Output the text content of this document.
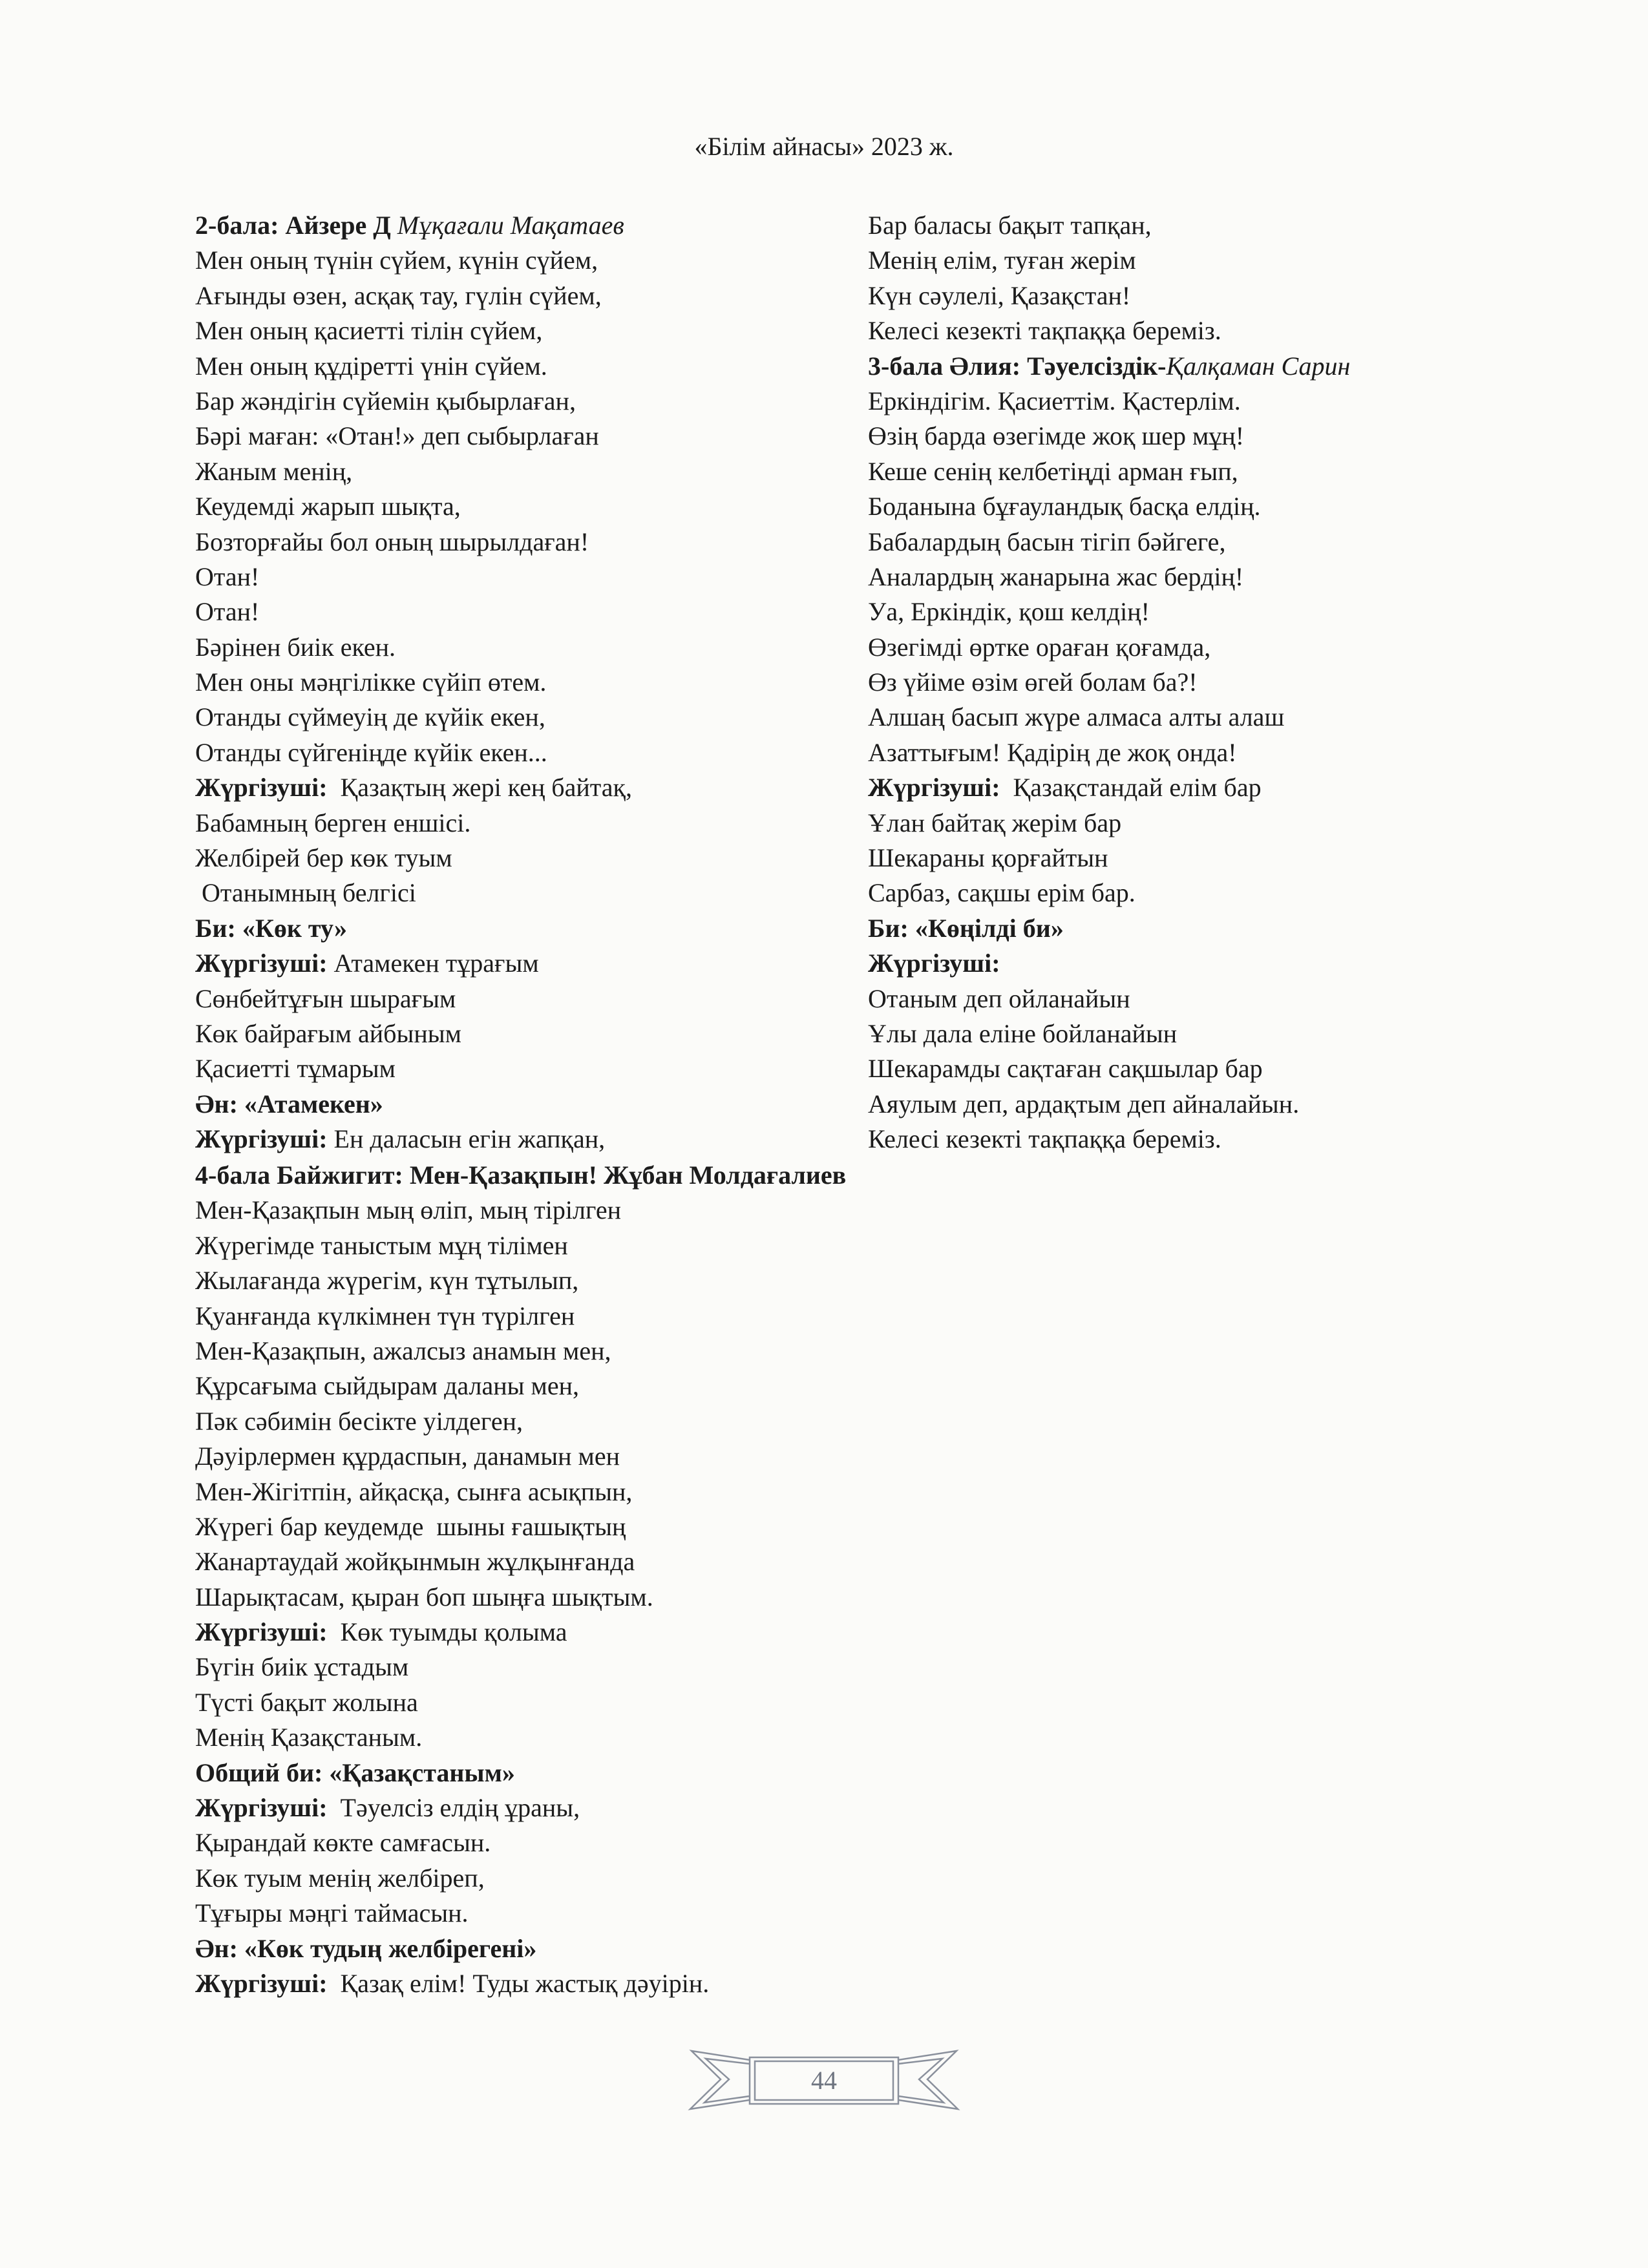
«Білім айнасы» 2023 ж.
2-бала: Айзере Д Мұқағали Мақатаев
Мен оның түнін сүйем, күнін сүйем,
Ағынды өзен, асқақ тау, гүлін сүйем,
Мен оның қасиетті тілін сүйем,
Мен оның құдіретті үнін сүйем.
Бар жәндігін сүйемін қыбырлаған,
Бәрі маған: «Отан!» деп сыбырлаған
Жаным менің,
Кеудемді жарып шықта,
Бозторғайы бол оның шырылдаған!
Отан!
Отан!
Бәрінен биік екен.
Мен оны мәңгілікке сүйіп өтем.
Отанды сүймеуің де күйік екен,
Отанды сүйгеніңде күйік екен...
Жүргізуші:  Қазақтың жері кең байтақ,
Бабамның берген еншісі.
Желбірей бер көк туым
Отанымның белгісі
Би: «Көк ту»
Жүргізуші: Атамекен тұрағым
Сөнбейтұғын шырағым
Көк байрағым айбыным
Қасиетті тұмарым
Ән: «Атамекен»
Жүргізуші: Ен даласын егін жапқан,
Бар баласы бақыт тапқан,
Менің елім, туған жерім
Күн сәулелі, Қазақстан!
Келесі кезекті тақпаққа береміз.
3-бала Әлия: Тәуелсіздік-Қалқаман Сарин
Еркіндігім. Қасиеттім. Қастерлім.
Өзің барда өзегімде жоқ шер мұң!
Кеше сенің келбетіңді арман ғып,
Боданына бұғауландық басқа елдің.
Бабалардың басын тігіп бәйгеге,
Аналардың жанарына жас бердің!
Уа, Еркіндік, қош келдің!
Өзегімді өртке ораған қоғамда,
Өз үйіме өзім өгей болам ба?!
Алшаң басып жүре алмаса алты алаш
Азаттығым! Қадірің де жоқ онда!
Жүргізуші:  Қазақстандай елім бар
Ұлан байтақ жерім бар
Шекараны қорғайтын
Сарбаз, сақшы ерім бар.
Би: «Көңілді би»
Жүргізуші:
Отаным деп ойланайын
Ұлы дала еліне бойланайын
Шекарамды сақтаған сақшылар бар
Аяулым деп, ардақтым деп айналайын.
Келесі кезекті тақпаққа береміз.
4-бала Байжигит: Мен-Қазақпын! Жұбан Молдағалиев
Мен-Қазақпын мың өліп, мың тірілген
Жүрегімде таныстым мұң тілімен
Жылағанда жүрегім, күн тұтылып,
Қуанғанда күлкімнен түн түрілген
Мен-Қазақпын, ажалсыз анамын мен,
Құрсағыма сыйдырам даланы мен,
Пәк сәбимін бесікте уілдеген,
Дәуірлермен құрдаспын, данамын мен
Мен-Жігітпін, айқасқа, сынға асықпын,
Жүрегі бар кеудемде  шыны ғашықтың
Жанартаудай жойқынмын жұлқынғанда
Шарықтасам, қыран боп шыңға шықтым.
Жүргізуші:  Көк туымды қолыма
Бүгін биік ұстадым
Түсті бақыт жолына
Менің Қазақстаным.
Общий би: «Қазақстаным»
Жүргізуші:  Тәуелсіз елдің ұраны,
Қырандай көкте самғасын.
Көк туым менің желбіреп,
Тұғыры мәңгі таймасын.
Ән: «Көк тудың желбірегені»
Жүргізуші:  Қазақ елім! Туды жастық дәуірін.
44
